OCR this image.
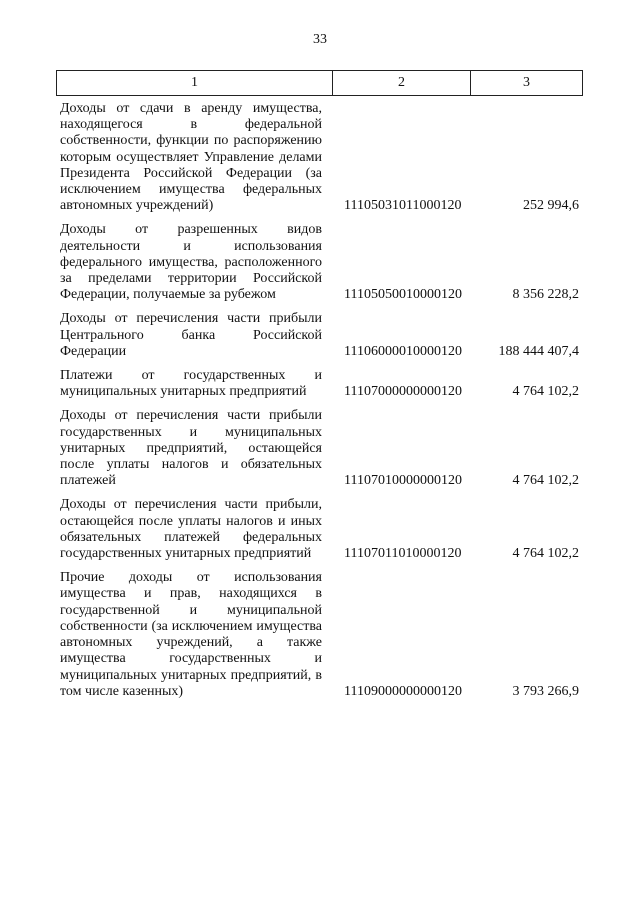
33
1	2	3
Доходы от сдачи в аренду имущества, находящегося в федеральной собственности, функции по распоряжению которым осуществляет Управление делами Президента Российской Федерации (за исключением имущества федеральных автономных учреждений)	11105031011000120	252 994,6
Доходы от разрешенных видов деятельности и использования федерального имущества, расположенного за пределами территории Российской Федерации, получаемые за рубежом	11105050010000120	8 356 228,2
Доходы от перечисления части прибыли Центрального банка Российской Федерации	11106000010000120	188 444 407,4
Платежи от государственных и муниципальных унитарных предприятий	11107000000000120	4 764 102,2
Доходы от перечисления части прибыли государственных и муниципальных унитарных предприятий, остающейся после уплаты налогов и обязательных платежей	11107010000000120	4 764 102,2
Доходы от перечисления части прибыли, остающейся после уплаты налогов и иных обязательных платежей федеральных государственных унитарных предприятий	11107011010000120	4 764 102,2
Прочие доходы от использования имущества и прав, находящихся в государственной и муниципальной собственности (за исключением имущества автономных учреждений, а также имущества государственных и муниципальных унитарных предприятий, в том числе казенных)	11109000000000120	3 793 266,9
